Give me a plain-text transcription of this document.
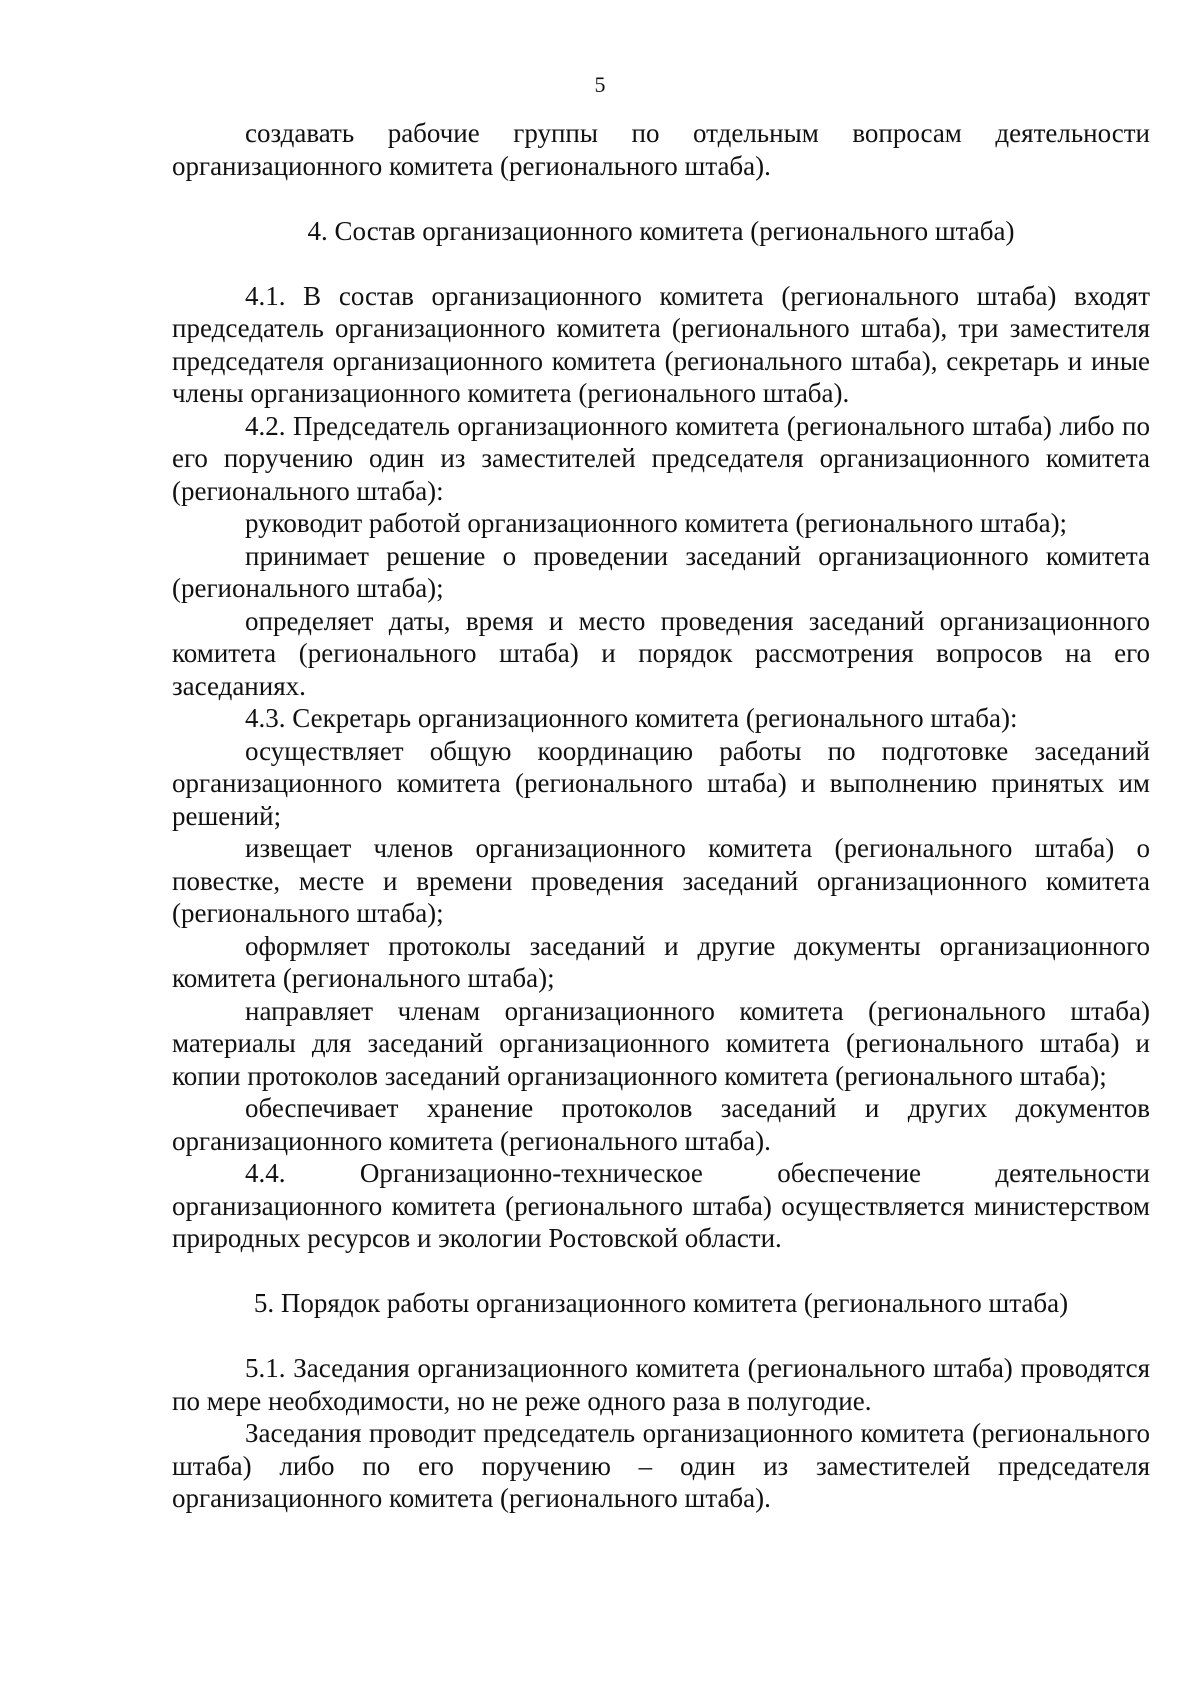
5

создавать рабочие группы по отдельным вопросам деятельности организационного комитета (регионального штаба).

4. Состав организационного комитета (регионального штаба)

4.1. В состав организационного комитета (регионального штаба) входят председатель организационного комитета (регионального штаба), три заместителя председателя организационного комитета (регионального штаба), секретарь и иные члены организационного комитета (регионального штаба).

4.2. Председатель организационного комитета (регионального штаба) либо по его поручению один из заместителей председателя организационного комитета (регионального штаба):

руководит работой организационного комитета (регионального штаба);

принимает решение о проведении заседаний организационного комитета (регионального штаба);

определяет даты, время и место проведения заседаний организационного комитета (регионального штаба) и порядок рассмотрения вопросов на его заседаниях.

4.3. Секретарь организационного комитета (регионального штаба):

осуществляет общую координацию работы по подготовке заседаний организационного комитета (регионального штаба) и выполнению принятых им решений;

извещает членов организационного комитета (регионального штаба) о повестке, месте и времени проведения заседаний организационного комитета (регионального штаба);

оформляет протоколы заседаний и другие документы организационного комитета (регионального штаба);

направляет членам организационного комитета (регионального штаба) материалы для заседаний организационного комитета (регионального штаба) и копии протоколов заседаний организационного комитета (регионального штаба);

обеспечивает хранение протоколов заседаний и других документов организационного комитета (регионального штаба).

4.4. Организационно-техническое обеспечение деятельности организационного комитета (регионального штаба) осуществляется министерством природных ресурсов и экологии Ростовской области.

5. Порядок работы организационного комитета (регионального штаба)

5.1. Заседания организационного комитета (регионального штаба) проводятся по мере необходимости, но не реже одного раза в полугодие.

Заседания проводит председатель организационного комитета (регионального штаба) либо по его поручению – один из заместителей председателя организационного комитета (регионального штаба).
